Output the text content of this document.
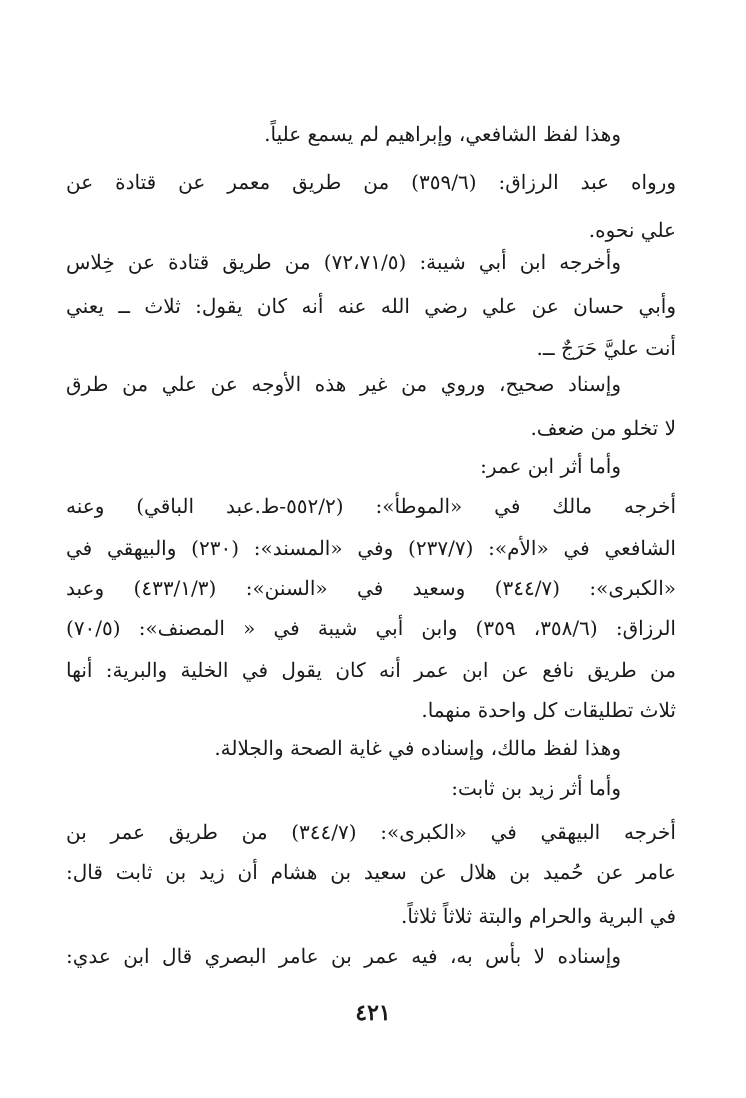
وهذا لفظ الشافعي، وإبراهيم لم يسمع علياً.
ورواه عبد الرزاق: (٣٥٩/٦) من طريق معمر عن قتادة عن
علي نحوه.
وأخرجه ابن أبي شيبة: (٧٢،٧١/٥) من طريق قتادة عن خِلاس
وأبي حسان عن علي رضي الله عنه أنه كان يقول: ثلاث ــ يعني
أنت عليَّ حَرَجٌ ــ.
وإسناد صحيح، وروي من غير هذه الأوجه عن علي من طرق
لا تخلو من ضعف.
وأما أثر ابن عمر:
أخرجه مالك في «الموطأ»: (٥٥٢/٢-ط.عبد الباقي) وعنه
الشافعي في «الأم»: (٢٣٧/٧) وفي «المسند»: (٢٣٠) والبيهقي في
«الكبرى»: (٣٤٤/٧) وسعيد في «السنن»: (٤٣٣/١/٣) وعبد
الرزاق: (٣٥٨/٦، ٣٥٩) وابن أبي شيبة في « المصنف»: (٧٠/٥)
من طريق نافع عن ابن عمر أنه كان يقول في الخلية والبرية: أنها
ثلاث تطليقات كل واحدة منهما.
وهذا لفظ مالك، وإسناده في غاية الصحة والجلالة.
وأما أثر زيد بن ثابت:
أخرجه البيهقي في «الكبرى»: (٣٤٤/٧) من طريق عمر بن
عامر عن حُميد بن هلال عن سعيد بن هشام أن زيد بن ثابت قال:
في البرية والحرام والبتة ثلاثاً ثلاثاً.
وإسناده لا بأس به، فيه عمر بن عامر البصري قال ابن عدي:
٤٢١
